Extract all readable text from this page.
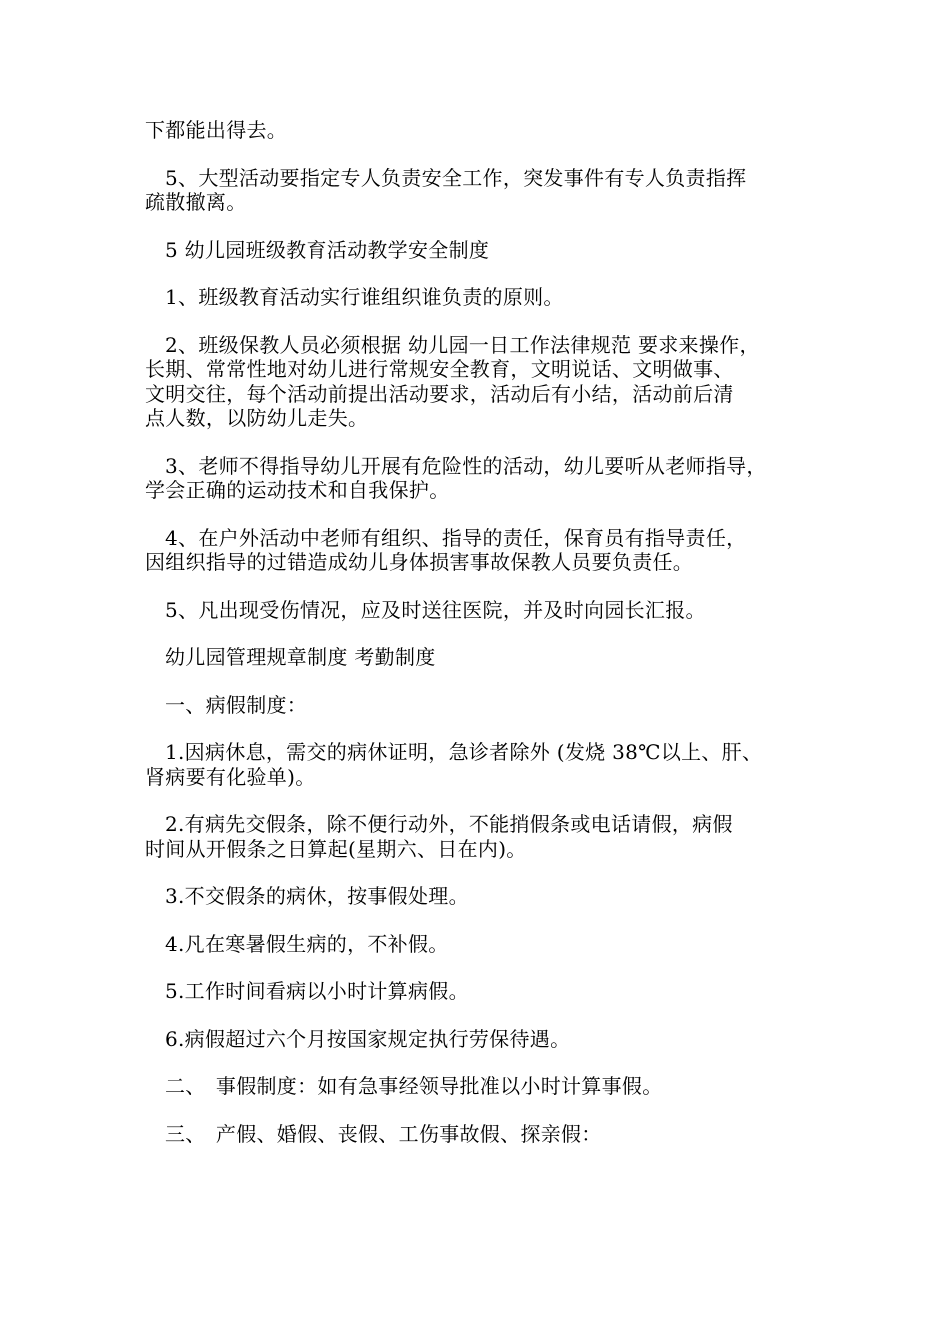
下都能出得去。

5、大型活动要指定专人负责安全工作，突发事件有专人负责指挥
疏散撤离。

5 幼儿园班级教育活动教学安全制度

1、班级教育活动实行谁组织谁负责的原则。

2、班级保教人员必须根据 幼儿园一日工作法律规范 要求来操作，
长期、常常性地对幼儿进行常规安全教育，文明说话、文明做事、
文明交往，每个活动前提出活动要求，活动后有小结，活动前后清
点人数，以防幼儿走失。

3、老师不得指导幼儿开展有危险性的活动，幼儿要听从老师指导，
学会正确的运动技术和自我保护。

4、在户外活动中老师有组织、指导的责任，保育员有指导责任，
因组织指导的过错造成幼儿身体损害事故保教人员要负责任。

5、凡出现受伤情况，应及时送往医院，并及时向园长汇报。

幼儿园管理规章制度 考勤制度

一、病假制度：

1.因病休息，需交的病休证明，急诊者除外 (发烧 38℃以上、肝、
肾病要有化验单)。

2.有病先交假条，除不便行动外，不能捎假条或电话请假，病假
时间从开假条之日算起(星期六、日在内)。

3.不交假条的病休，按事假处理。

4.凡在寒暑假生病的，不补假。

5.工作时间看病以小时计算病假。

6.病假超过六个月按国家规定执行劳保待遇。

二、　事假制度：如有急事经领导批准以小时计算事假。

三、　产假、婚假、丧假、工伤事故假、探亲假：
